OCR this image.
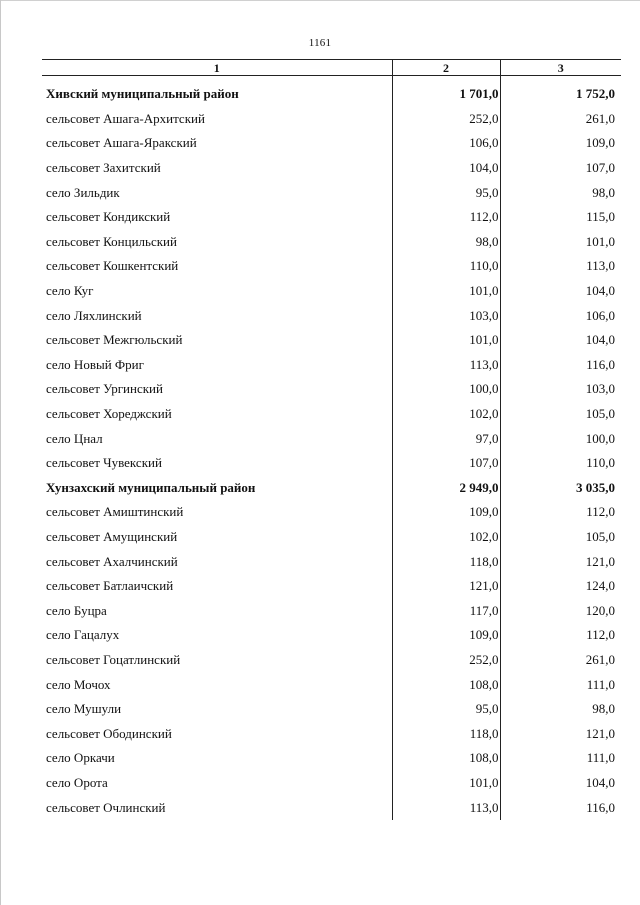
1161
1	2	3
Хивский муниципальный район	1 701,0	1 752,0
сельсовет Ашага-Архитский	252,0	261,0
сельсовет Ашага-Яракский	106,0	109,0
сельсовет Захитский	104,0	107,0
село Зильдик	95,0	98,0
сельсовет Кондикский	112,0	115,0
сельсовет Концильский	98,0	101,0
сельсовет Кошкентский	110,0	113,0
село Куг	101,0	104,0
село Ляхлинский	103,0	106,0
сельсовет Межгюльский	101,0	104,0
село Новый Фриг	113,0	116,0
сельсовет Ургинский	100,0	103,0
сельсовет Хореджский	102,0	105,0
село Цнал	97,0	100,0
сельсовет Чувекский	107,0	110,0
Хунзахский муниципальный район	2 949,0	3 035,0
сельсовет Амиштинский	109,0	112,0
сельсовет Амущинский	102,0	105,0
сельсовет Ахалчинский	118,0	121,0
сельсовет Батлаичский	121,0	124,0
село Буцра	117,0	120,0
село Гацалух	109,0	112,0
сельсовет Гоцатлинский	252,0	261,0
село Мочох	108,0	111,0
село Мушули	95,0	98,0
сельсовет Ободинский	118,0	121,0
село Оркачи	108,0	111,0
село Орота	101,0	104,0
сельсовет Очлинский	113,0	116,0
